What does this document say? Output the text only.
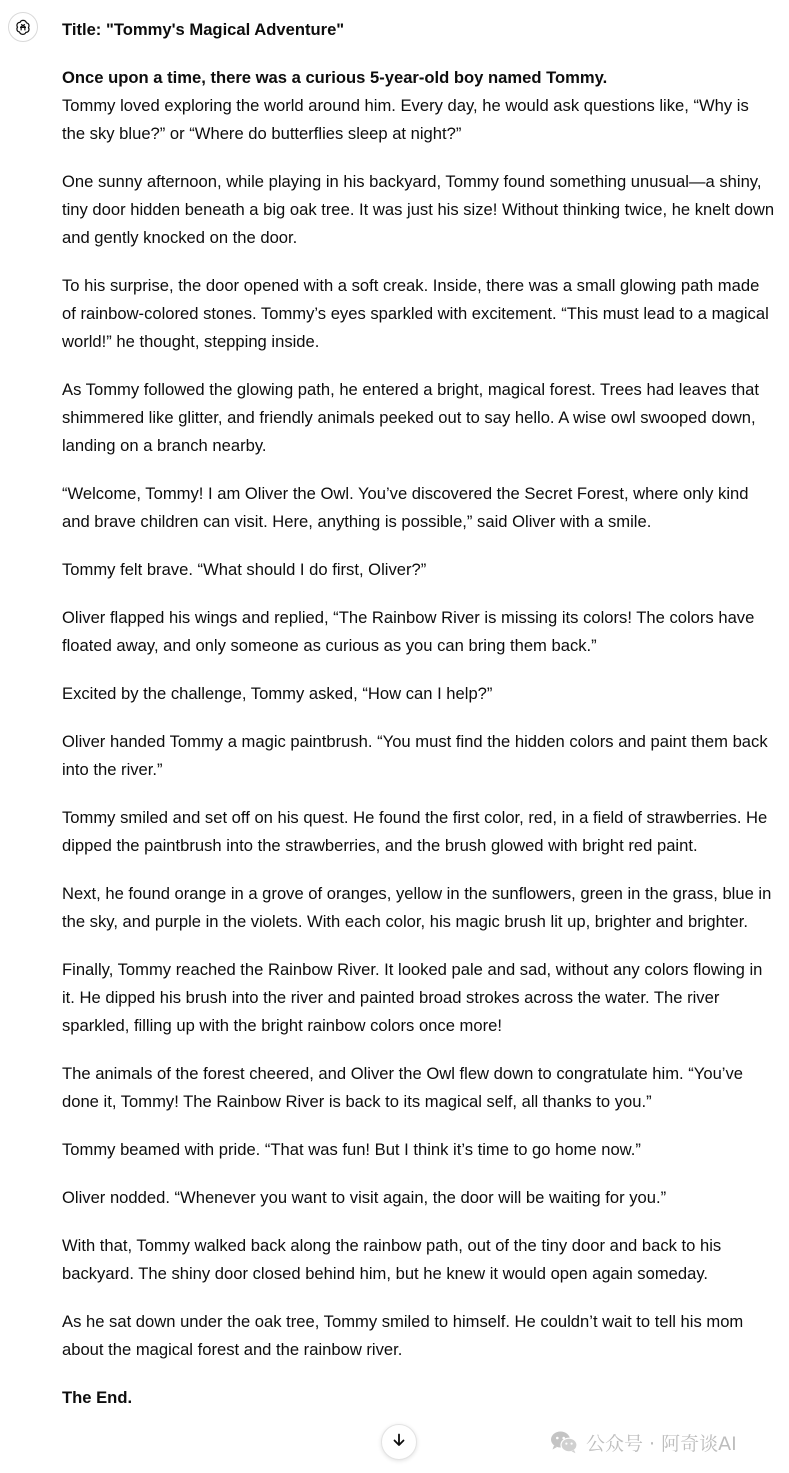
Title: "Tommy's Magical Adventure"

Once upon a time, there was a curious 5-year-old boy named Tommy.
Tommy loved exploring the world around him. Every day, he would ask questions like, “Why is the sky blue?” or “Where do butterflies sleep at night?”

One sunny afternoon, while playing in his backyard, Tommy found something unusual—a shiny, tiny door hidden beneath a big oak tree. It was just his size! Without thinking twice, he knelt down and gently knocked on the door.

To his surprise, the door opened with a soft creak. Inside, there was a small glowing path made of rainbow-colored stones. Tommy’s eyes sparkled with excitement. “This must lead to a magical world!” he thought, stepping inside.

As Tommy followed the glowing path, he entered a bright, magical forest. Trees had leaves that shimmered like glitter, and friendly animals peeked out to say hello. A wise owl swooped down, landing on a branch nearby.

“Welcome, Tommy! I am Oliver the Owl. You’ve discovered the Secret Forest, where only kind and brave children can visit. Here, anything is possible,” said Oliver with a smile.

Tommy felt brave. “What should I do first, Oliver?”

Oliver flapped his wings and replied, “The Rainbow River is missing its colors! The colors have floated away, and only someone as curious as you can bring them back.”

Excited by the challenge, Tommy asked, “How can I help?”

Oliver handed Tommy a magic paintbrush. “You must find the hidden colors and paint them back into the river.”

Tommy smiled and set off on his quest. He found the first color, red, in a field of strawberries. He dipped the paintbrush into the strawberries, and the brush glowed with bright red paint.

Next, he found orange in a grove of oranges, yellow in the sunflowers, green in the grass, blue in the sky, and purple in the violets. With each color, his magic brush lit up, brighter and brighter.

Finally, Tommy reached the Rainbow River. It looked pale and sad, without any colors flowing in it. He dipped his brush into the river and painted broad strokes across the water. The river sparkled, filling up with the bright rainbow colors once more!

The animals of the forest cheered, and Oliver the Owl flew down to congratulate him. “You’ve done it, Tommy! The Rainbow River is back to its magical self, all thanks to you.”

Tommy beamed with pride. “That was fun! But I think it’s time to go home now.”

Oliver nodded. “Whenever you want to visit again, the door will be waiting for you.”

With that, Tommy walked back along the rainbow path, out of the tiny door and back to his backyard. The shiny door closed behind him, but he knew it would open again someday.

As he sat down under the oak tree, Tommy smiled to himself. He couldn’t wait to tell his mom about the magical forest and the rainbow river.

The End.

公众号 · 阿奇谈AI
